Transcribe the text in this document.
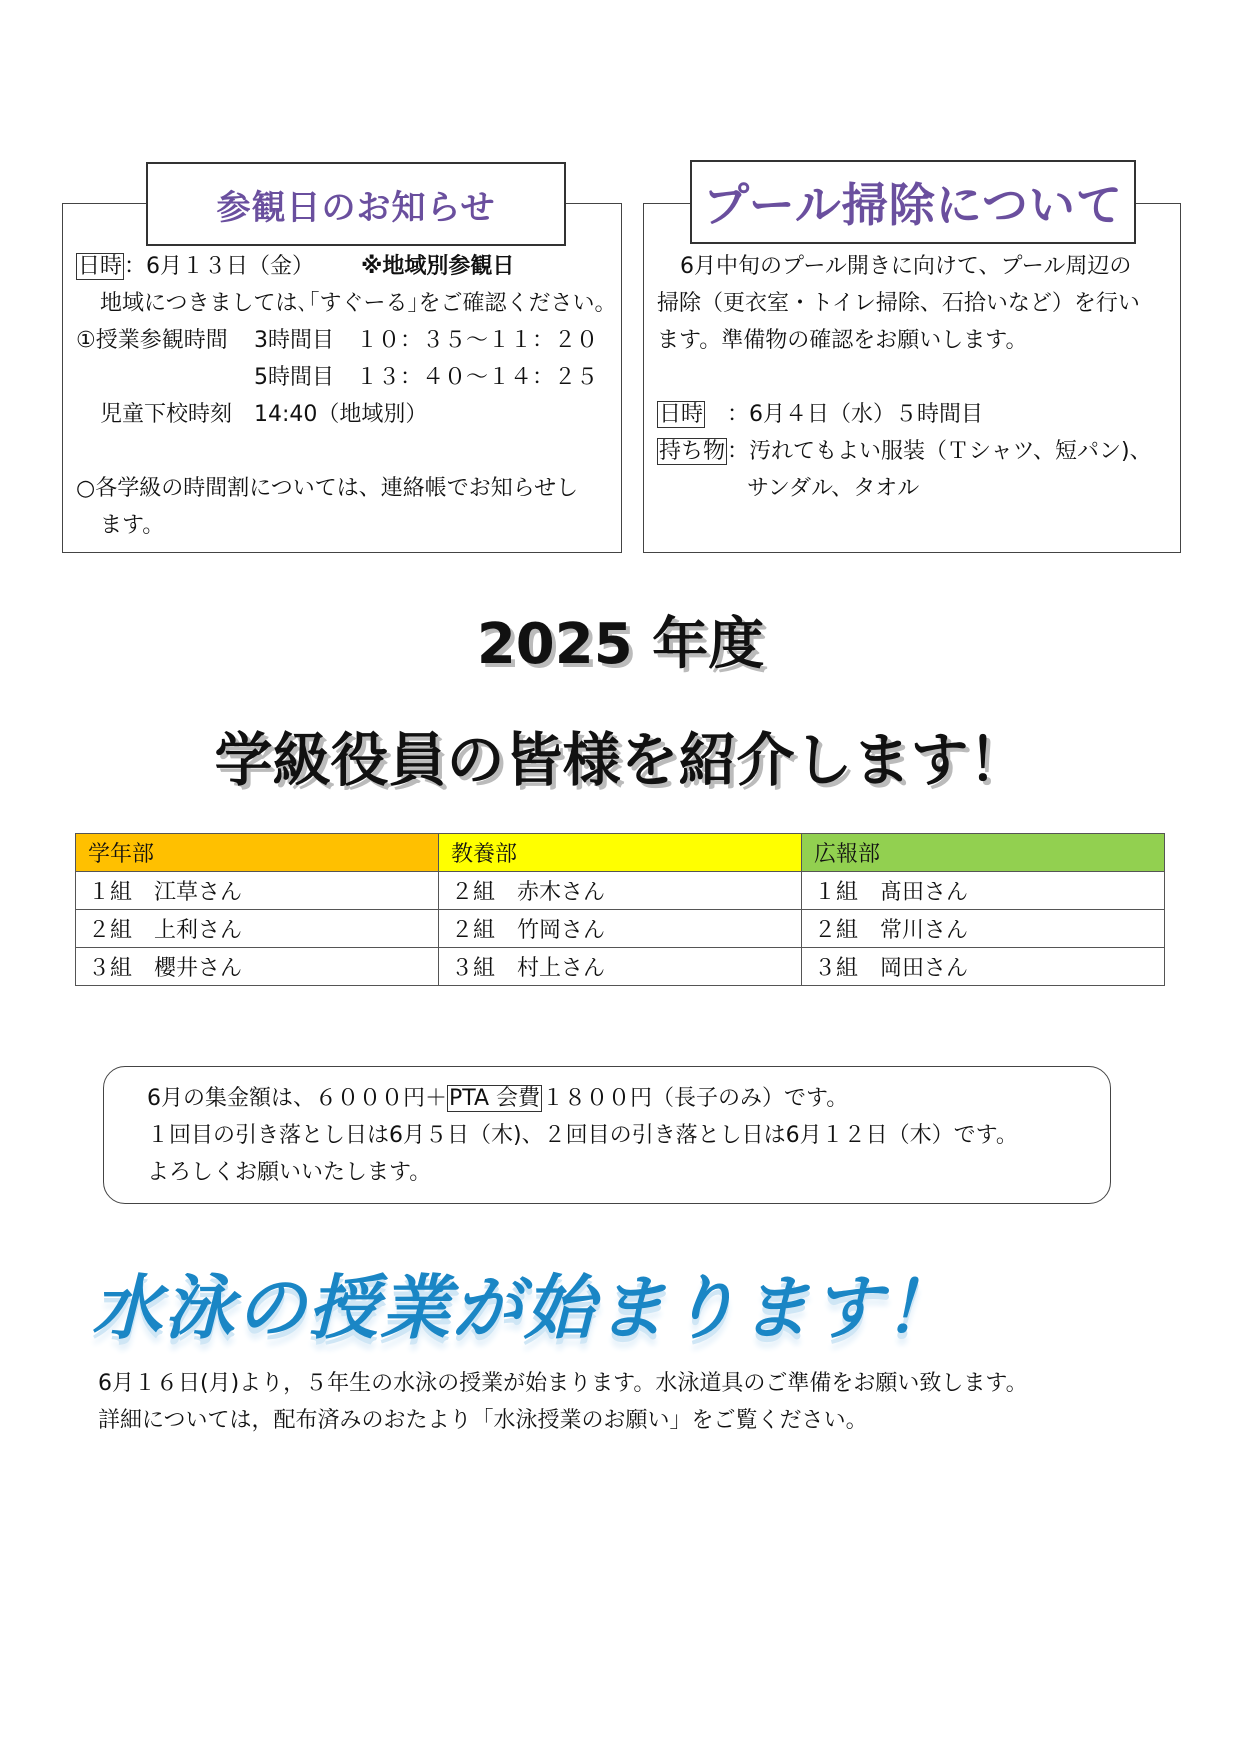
参観日のお知らせ
日時：6月１３日（金） ※地域別参観日
地域につきましては､｢すぐーる｣をご確認ください。
①授業参観時間 3時間目　１０：３５～１１：２０
5時間目　１３：４０～１４：２５
児童下校時刻　14:40（地域別）
○各学級の時間割については、連絡帳でお知らせし
ます。
プール掃除について
6月中旬のプール開きに向けて、プール周辺の
掃除（更衣室・トイレ掃除、石拾いなど）を行い
ます。準備物の確認をお願いします。
日時 ：6月４日（水）５時間目
持ち物：汚れてもよい服装（Ｔシャツ、短パン)、
サンダル、タオル
2025 年度
学級役員の皆様を紹介します！
学年部	教養部	広報部
１組　江草さん	２組　赤木さん	１組　髙田さん
２組　上利さん	２組　竹岡さん	２組　常川さん
３組　櫻井さん	３組　村上さん	３組　岡田さん
6月の集金額は、６０００円＋PTA 会費１８００円（長子のみ）です。
１回目の引き落とし日は6月５日（木)、２回目の引き落とし日は6月１２日（木）です。
よろしくお願いいたします。
水泳の授業が始まります！
6月１６日(月)より，５年生の水泳の授業が始まります。水泳道具のご準備をお願い致します。
詳細については，配布済みのおたより「水泳授業のお願い」をご覧ください。
